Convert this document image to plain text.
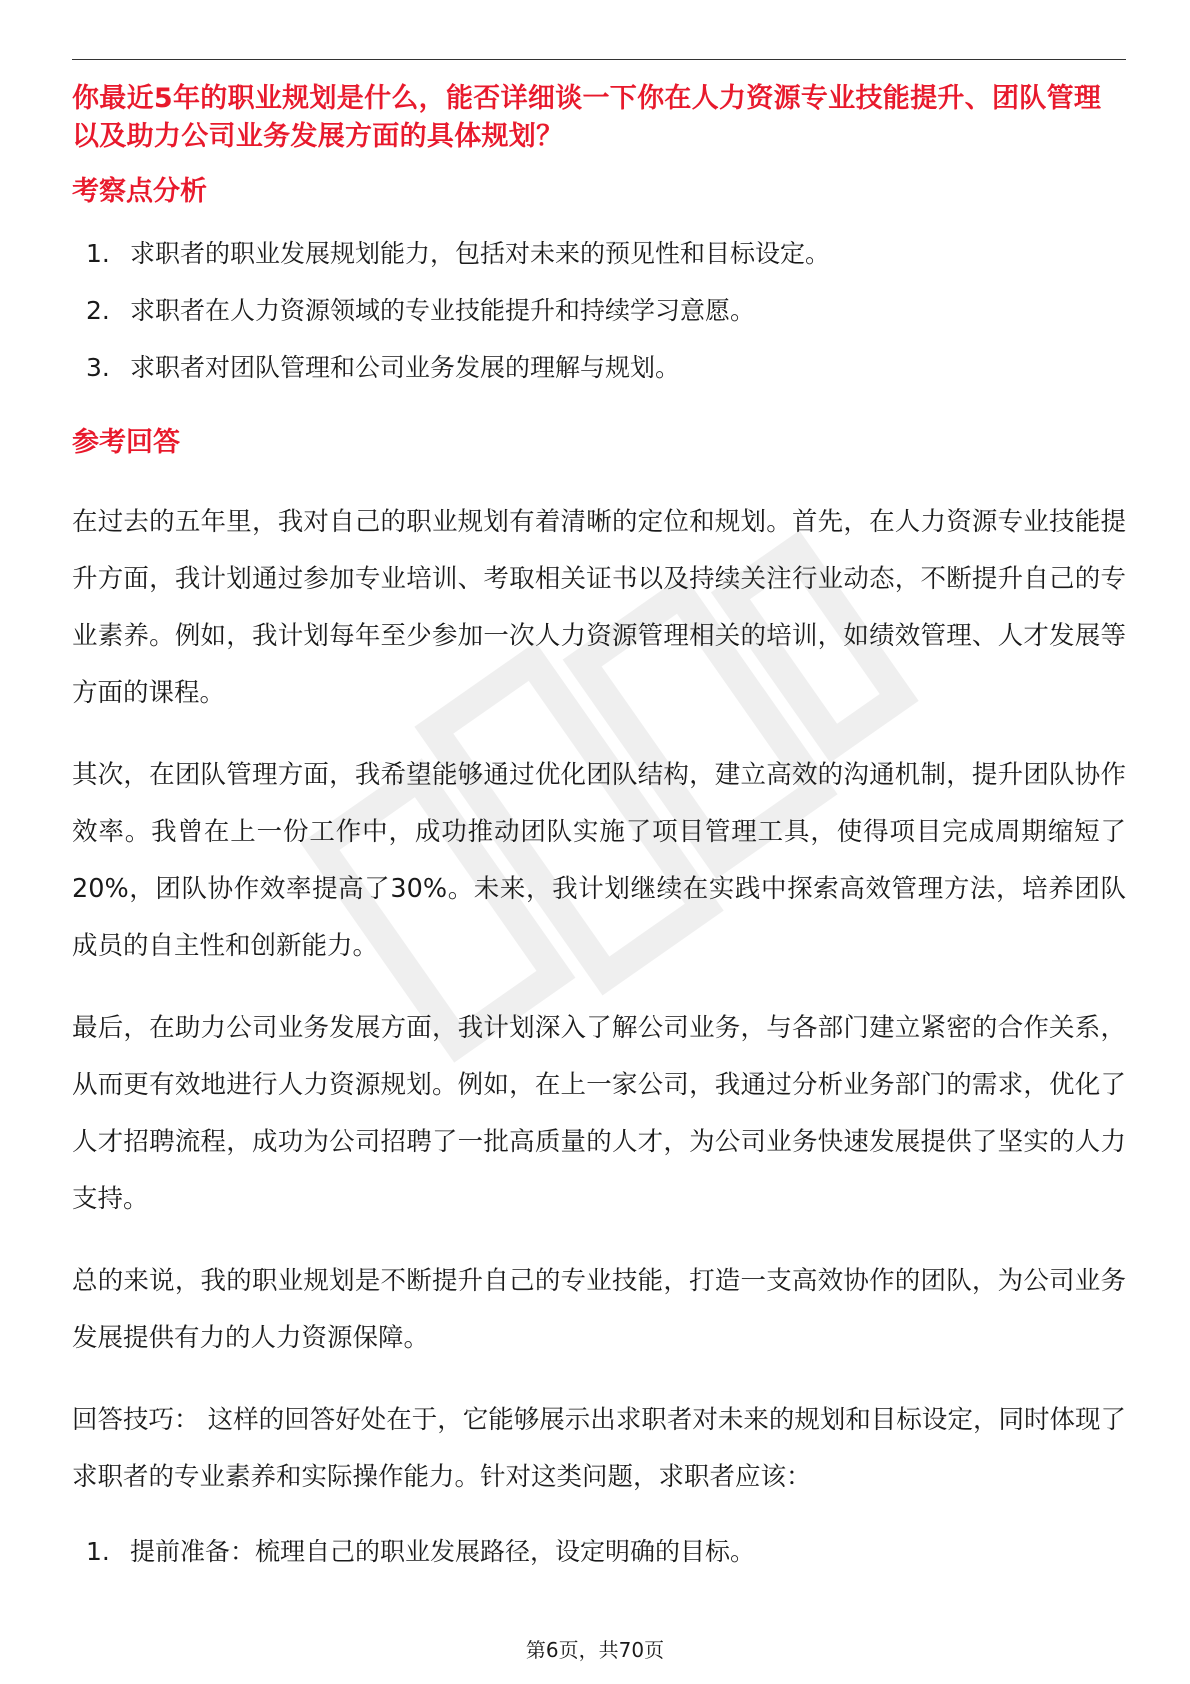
你最近5年的职业规划是什么，能否详细谈一下你在人力资源专业技能提升、团队管理以及助力公司业务发展方面的具体规划？

考察点分析
1. 求职者的职业发展规划能力，包括对未来的预见性和目标设定。
2. 求职者在人力资源领域的专业技能提升和持续学习意愿。
3. 求职者对团队管理和公司业务发展的理解与规划。
参考回答

在过去的五年里，我对自己的职业规划有着清晰的定位和规划。首先，在人力资源专业技能提升方面，我计划通过参加专业培训、考取相关证书以及持续关注行业动态，不断提升自己的专业素养。例如，我计划每年至少参加一次人力资源管理相关的培训，如绩效管理、人才发展等方面的课程。

其次，在团队管理方面，我希望能够通过优化团队结构，建立高效的沟通机制，提升团队协作效率。我曾在上一份工作中，成功推动团队实施了项目管理工具，使得项目完成周期缩短了20%，团队协作效率提高了30%。未来，我计划继续在实践中探索高效管理方法，培养团队成员的自主性和创新能力。

最后，在助力公司业务发展方面，我计划深入了解公司业务，与各部门建立紧密的合作关系，从而更有效地进行人力资源规划。例如，在上一家公司，我通过分析业务部门的需求，优化了人才招聘流程，成功为公司招聘了一批高质量的人才，为公司业务快速发展提供了坚实的人力支持。

总的来说，我的职业规划是不断提升自己的专业技能，打造一支高效协作的团队，为公司业务发展提供有力的人力资源保障。

回答技巧： 这样的回答好处在于，它能够展示出求职者对未来的规划和目标设定，同时体现了求职者的专业素养和实际操作能力。针对这类问题，求职者应该：

1. 提前准备：梳理自己的职业发展路径，设定明确的目标。
第6页，共70页
